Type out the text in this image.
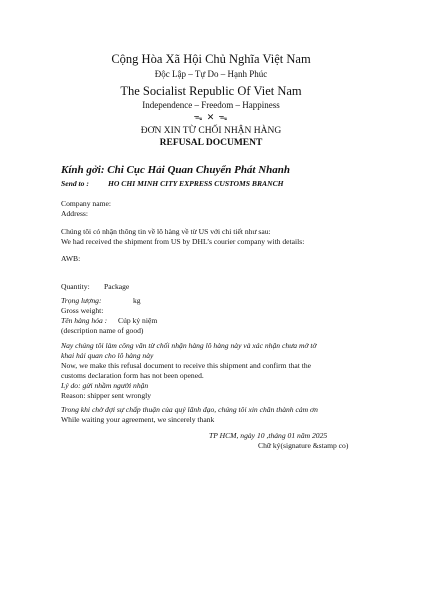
Cộng Hòa Xã Hội Chủ Nghĩa Việt Nam
Độc Lập – Tự Do – Hạnh Phúc
The Socialist Republic Of Viet Nam
Independence – Freedom – Happiness
ᯓ ✕ ᯓ
ĐƠN XIN TỪ CHỐI NHẬN HÀNG
REFUSAL DOCUMENT
Kính gởi: Chi Cục Hải Quan Chuyển Phát Nhanh
Send to :	HO CHI MINH CITY EXPRESS CUSTOMS BRANCH
Company name:
Address:
Chúng tôi có nhận thông tin về lô hàng về từ US với chi tiết như sau:
We had received the shipment from US by DHL’s courier company with details:
AWB:
Quantity: Package
Trọng lượng:	kg
Gross weight:
Tên hàng hóa : Cúp kỷ niệm
(description name of good)
Nay chúng tôi làm công văn từ chối nhận hàng lô hàng này và xác nhận chưa mở tờ
khai hải quan cho lô hàng này
Now, we make this refusal document to receive this shipment and confirm that the
customs declaration form has not been opened.
Lý do: gửi nhầm người nhận
Reason: shipper sent wrongly
Trong khi chờ đợi sự chấp thuận của quý lãnh đạo, chúng tôi xin chân thành cảm ơn
While waiting your agreement, we sincerely thank
TP HCM, ngày 10 ,tháng 01 năm 2025
Chữ ký(signature &stamp co)
